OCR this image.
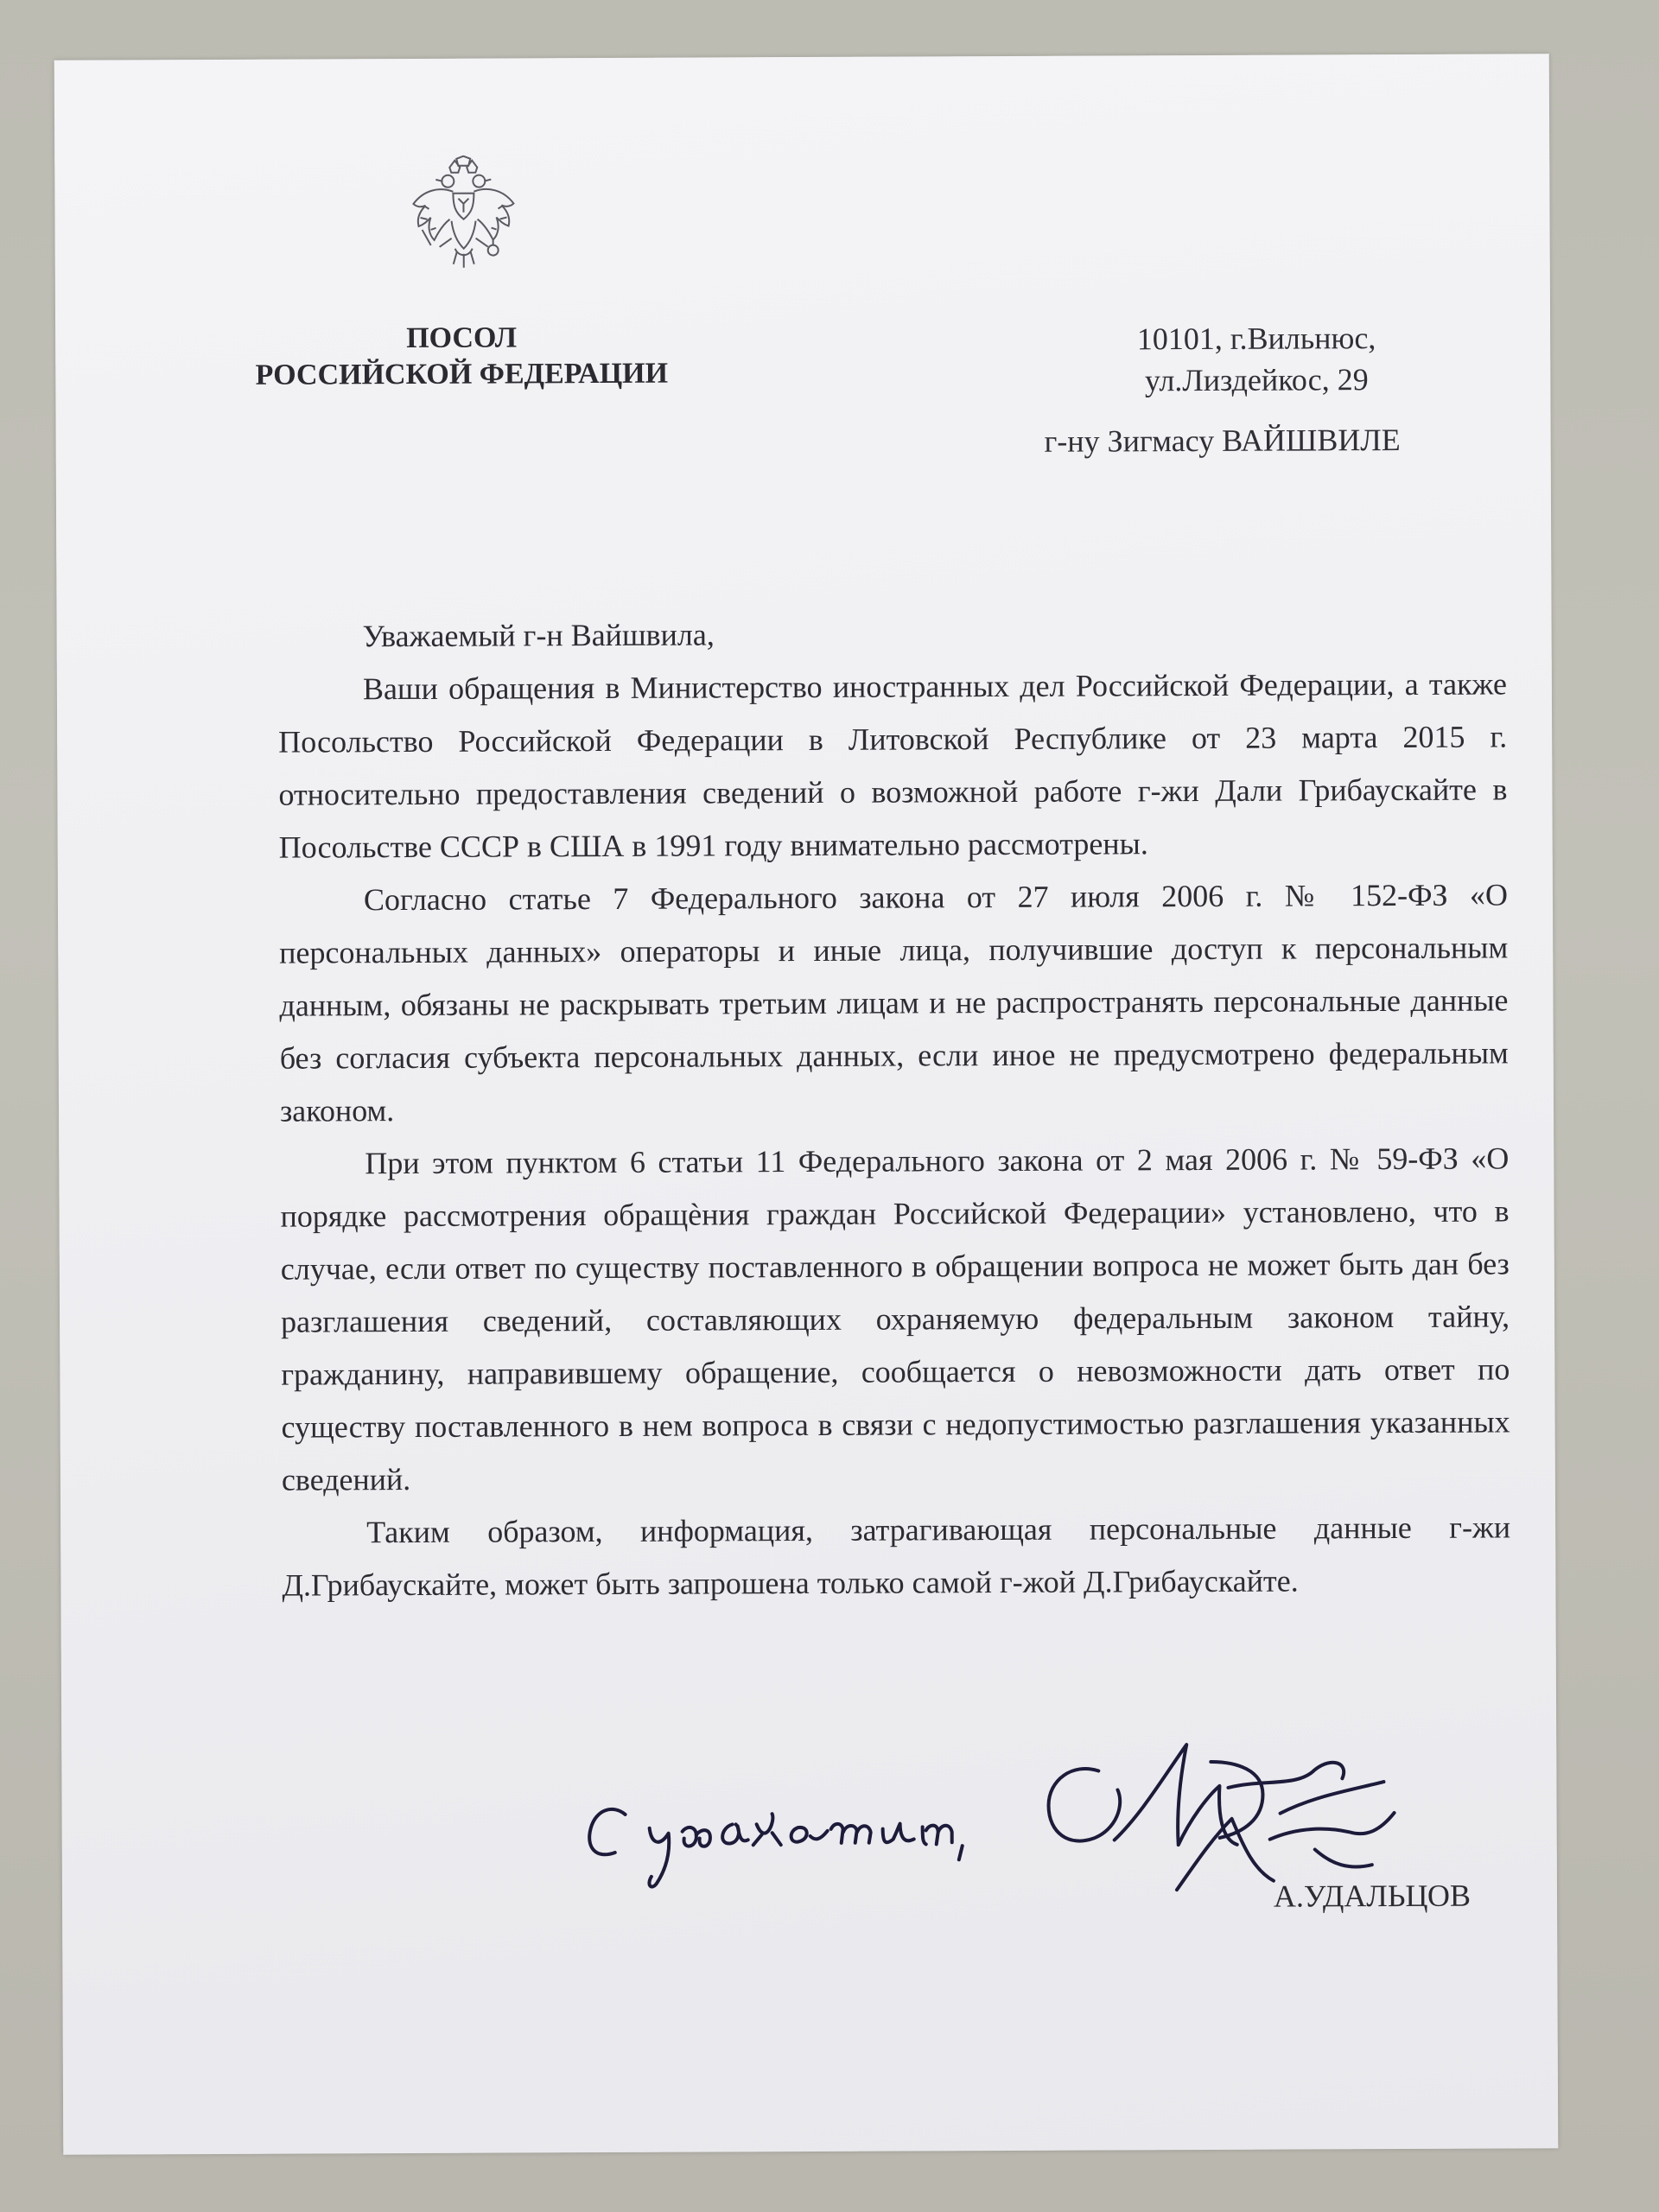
ПОСОЛ
РОССИЙСКОЙ ФЕДЕРАЦИИ
10101, г.Вильнюс,
ул.Лиздейкос, 29
г-ну Зигмасу ВАЙШВИЛЕ
Уважаемый г-н Вайшвила,

Ваши обращения в Министерство иностранных дел Российской Федерации, а также Посольство Российской Федерации в Литовской Республике от 23 марта 2015 г. относительно предоставления сведений о возможной работе г-жи Дали Грибаускайте в Посольстве СССР в США в 1991 году внимательно рассмотрены.

Согласно статье 7 Федерального закона от 27 июля 2006 г. № 152-ФЗ «О персональных данных» операторы и иные лица, получившие доступ к персональным данным, обязаны не раскрывать третьим лицам и не распространять персональные данные без согласия субъекта персональных данных, если иное не предусмотрено федеральным законом.

При этом пунктом 6 статьи 11 Федерального закона от 2 мая 2006 г. № 59-ФЗ «О порядке рассмотрения обращѐния граждан Российской Федерации» установлено, что в случае, если ответ по существу поставленного в обращении вопроса не может быть дан без разглашения сведений, составляющих охраняемую федеральным законом тайну, гражданину, направившему обращение, сообщается о невозможности дать ответ по существу поставленного в нем вопроса в связи с недопустимостью разглашения указанных сведений.

Таким образом, информация, затрагивающая персональные данные г-жи Д.Грибаускайте, может быть запрошена только самой г-жой Д.Грибаускайте.

А.УДАЛЬЦОВ
